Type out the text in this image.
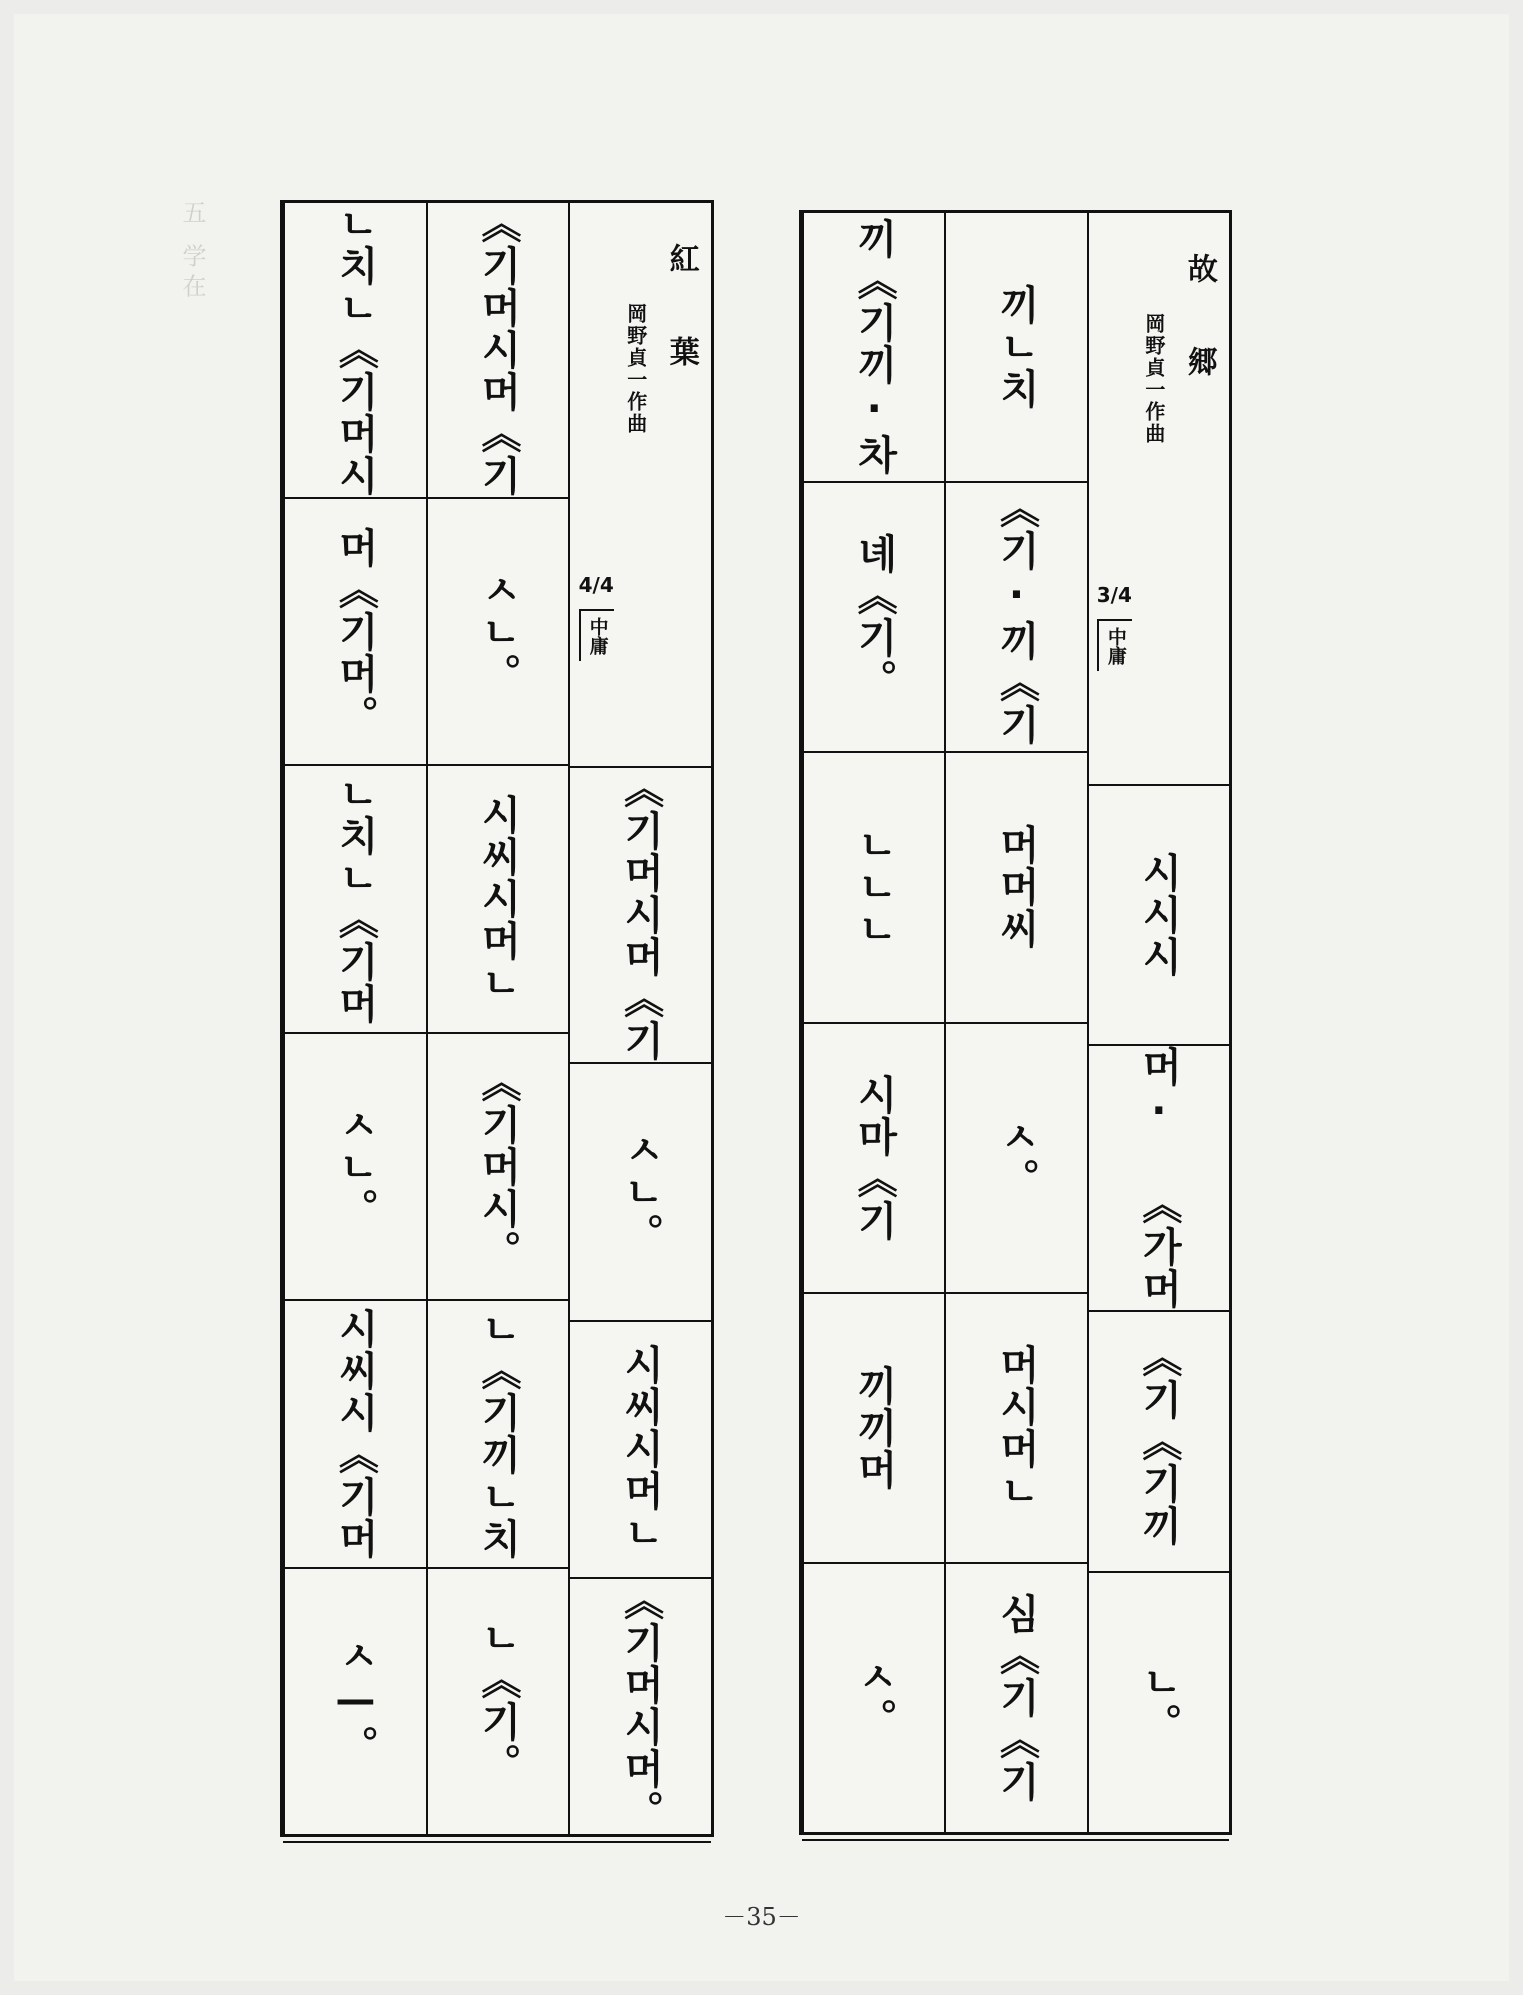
五 学在
故 郷
岡野貞一作曲
3/4
中庸
시시시
머‧ 《가머
《기《기끼
ㄴ。
끼ㄴ치
《기‧끼《기
머머씨
ㅅ。
머시머ㄴ
심《기《기
끼《기끼‧차
녜《기。
ㄴㄴㄴ
시마《기
끼끼머
ㅅ。
紅 葉
岡野貞一作曲
4/4
中庸
《기머시머《기
ㅅㄴ。
시씨시머ㄴ
《기머시머。
《기머시머《기
ㅅㄴ。
시씨시머ㄴ
《기머시。
ㄴ《기끼ㄴ치
ㄴ《기。
ㄴ치ㄴ《기머시
머《기머。
ㄴ치ㄴ《기머
ㅅㄴ。
시씨시《기머
ㅅ—。
－35－
